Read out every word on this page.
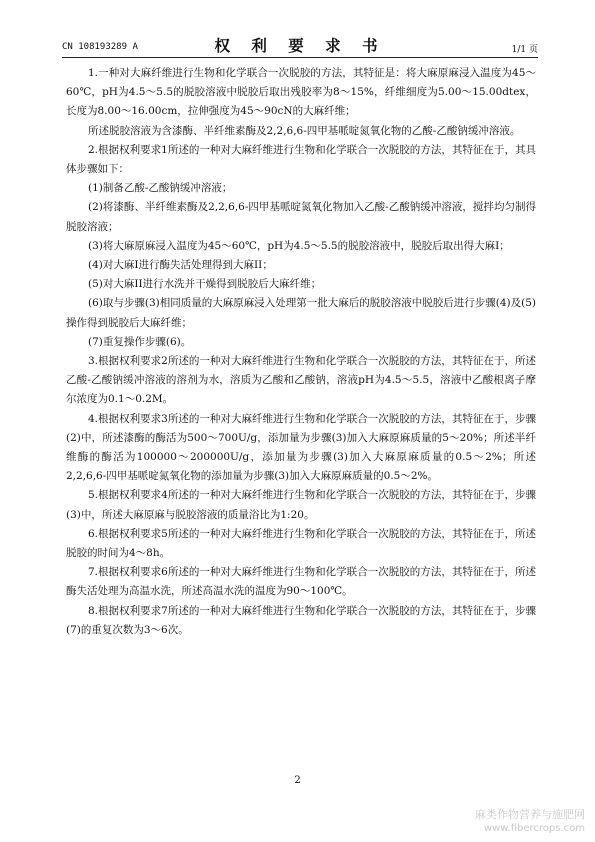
CN 108193289 A	权 利 要 求 书	1/1 页

1.一种对大麻纤维进行生物和化学联合一次脱胶的方法，其特征是：将大麻原麻浸入温度为45～60℃，pH为4.5～5.5的脱胶溶液中脱胶后取出残胶率为8～15%，纤维细度为5.00～15.00dtex，长度为8.00～16.00cm，拉伸强度为45～90cN的大麻纤维；

所述脱胶溶液为含漆酶、半纤维素酶及2,2,6,6-四甲基哌啶氮氧化物的乙酸-乙酸钠缓冲溶液。

2.根据权利要求1所述的一种对大麻纤维进行生物和化学联合一次脱胶的方法，其特征在于，其具体步骤如下：

(1)制备乙酸-乙酸钠缓冲溶液；

(2)将漆酶、半纤维素酶及2,2,6,6-四甲基哌啶氮氧化物加入乙酸-乙酸钠缓冲溶液，搅拌均匀制得脱胶溶液；

(3)将大麻原麻浸入温度为45～60℃，pH为4.5～5.5的脱胶溶液中，脱胶后取出得大麻I；

(4)对大麻I进行酶失活处理得到大麻II；

(5)对大麻II进行水洗并干燥得到脱胶后大麻纤维；

(6)取与步骤(3)相同质量的大麻原麻浸入处理第一批大麻后的脱胶溶液中脱胶后进行步骤(4)及(5)操作得到脱胶后大麻纤维；

(7)重复操作步骤(6)。

3.根据权利要求2所述的一种对大麻纤维进行生物和化学联合一次脱胶的方法，其特征在于，所述乙酸-乙酸钠缓冲溶液的溶剂为水，溶质为乙酸和乙酸钠，溶液pH为4.5～5.5，溶液中乙酸根离子摩尔浓度为0.1～0.2M。

4.根据权利要求3所述的一种对大麻纤维进行生物和化学联合一次脱胶的方法，其特征在于，步骤(2)中，所述漆酶的酶活为500～700U/g，添加量为步骤(3)加入大麻原麻质量的5～20%；所述半纤维酶的酶活为100000～200000U/g，添加量为步骤(3)加入大麻原麻质量的0.5～2%；所述2,2,6,6-四甲基哌啶氮氧化物的添加量为步骤(3)加入大麻原麻质量的0.5～2%。

5.根据权利要求4所述的一种对大麻纤维进行生物和化学联合一次脱胶的方法，其特征在于，步骤(3)中，所述大麻原麻与脱胶溶液的质量浴比为1:20。

6.根据权利要求5所述的一种对大麻纤维进行生物和化学联合一次脱胶的方法，其特征在于，所述脱胶的时间为4～8h。

7.根据权利要求6所述的一种对大麻纤维进行生物和化学联合一次脱胶的方法，其特征在于，所述酶失活处理为高温水洗，所述高温水洗的温度为90～100℃。

8.根据权利要求7所述的一种对大麻纤维进行生物和化学联合一次脱胶的方法，其特征在于，步骤(7)的重复次数为3～6次。

2
麻类作物营养与施肥网
www.fibercrops.com
